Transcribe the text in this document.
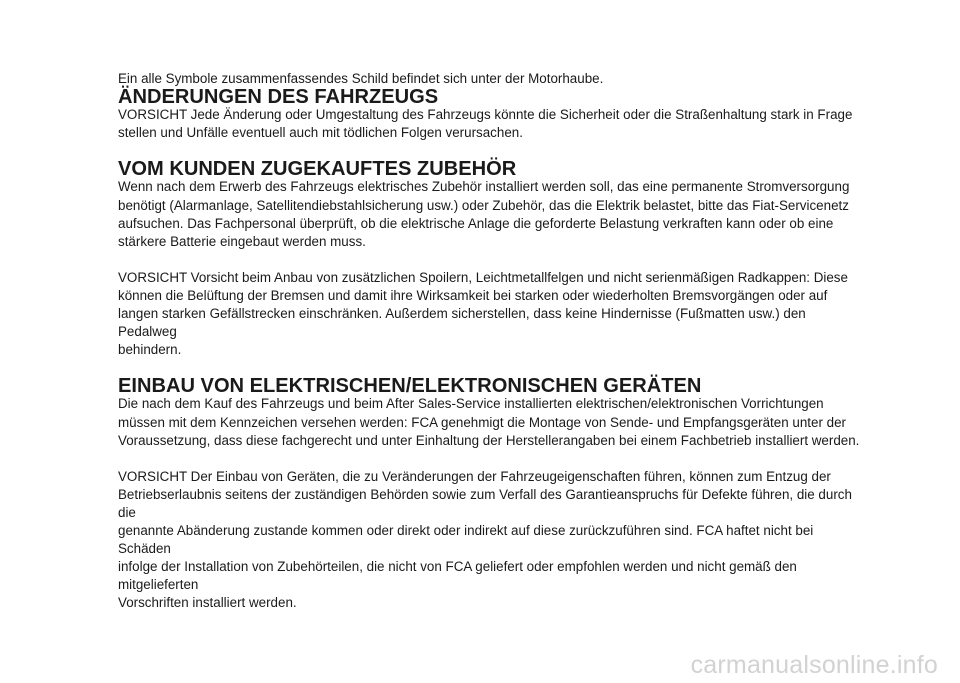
Ein alle Symbole zusammenfassendes Schild befindet sich unter der Motorhaube.

ÄNDERUNGEN DES FAHRZEUGS

VORSICHT Jede Änderung oder Umgestaltung des Fahrzeugs könnte die Sicherheit oder die Straßenhaltung stark in Frage
stellen und Unfälle eventuell auch mit tödlichen Folgen verursachen.

VOM KUNDEN ZUGEKAUFTES ZUBEHÖR

Wenn nach dem Erwerb des Fahrzeugs elektrisches Zubehör installiert werden soll, das eine permanente Stromversorgung
benötigt (Alarmanlage, Satellitendiebstahlsicherung usw.) oder Zubehör, das die Elektrik belastet, bitte das Fiat-Servicenetz
aufsuchen. Das Fachpersonal überprüft, ob die elektrische Anlage die geforderte Belastung verkraften kann oder ob eine
stärkere Batterie eingebaut werden muss.

VORSICHT Vorsicht beim Anbau von zusätzlichen Spoilern, Leichtmetallfelgen und nicht serienmäßigen Radkappen: Diese
können die Belüftung der Bremsen und damit ihre Wirksamkeit bei starken oder wiederholten Bremsvorgängen oder auf
langen starken Gefällstrecken einschränken. Außerdem sicherstellen, dass keine Hindernisse (Fußmatten usw.) den Pedalweg
behindern.

EINBAU VON ELEKTRISCHEN/ELEKTRONISCHEN GERÄTEN

Die nach dem Kauf des Fahrzeugs und beim After Sales-Service installierten elektrischen/elektronischen Vorrichtungen
müssen mit dem Kennzeichen versehen werden: FCA genehmigt die Montage von Sende- und Empfangsgeräten unter der
Voraussetzung, dass diese fachgerecht und unter Einhaltung der Herstellerangaben bei einem Fachbetrieb installiert werden.

VORSICHT Der Einbau von Geräten, die zu Veränderungen der Fahrzeugeigenschaften führen, können zum Entzug der
Betriebserlaubnis seitens der zuständigen Behörden sowie zum Verfall des Garantieanspruchs für Defekte führen, die durch die
genannte Abänderung zustande kommen oder direkt oder indirekt auf diese zurückzuführen sind. FCA haftet nicht bei Schäden
infolge der Installation von Zubehörteilen, die nicht von FCA geliefert oder empfohlen werden und nicht gemäß den mitgelieferten
Vorschriften installiert werden.

carmanualsonline.info
